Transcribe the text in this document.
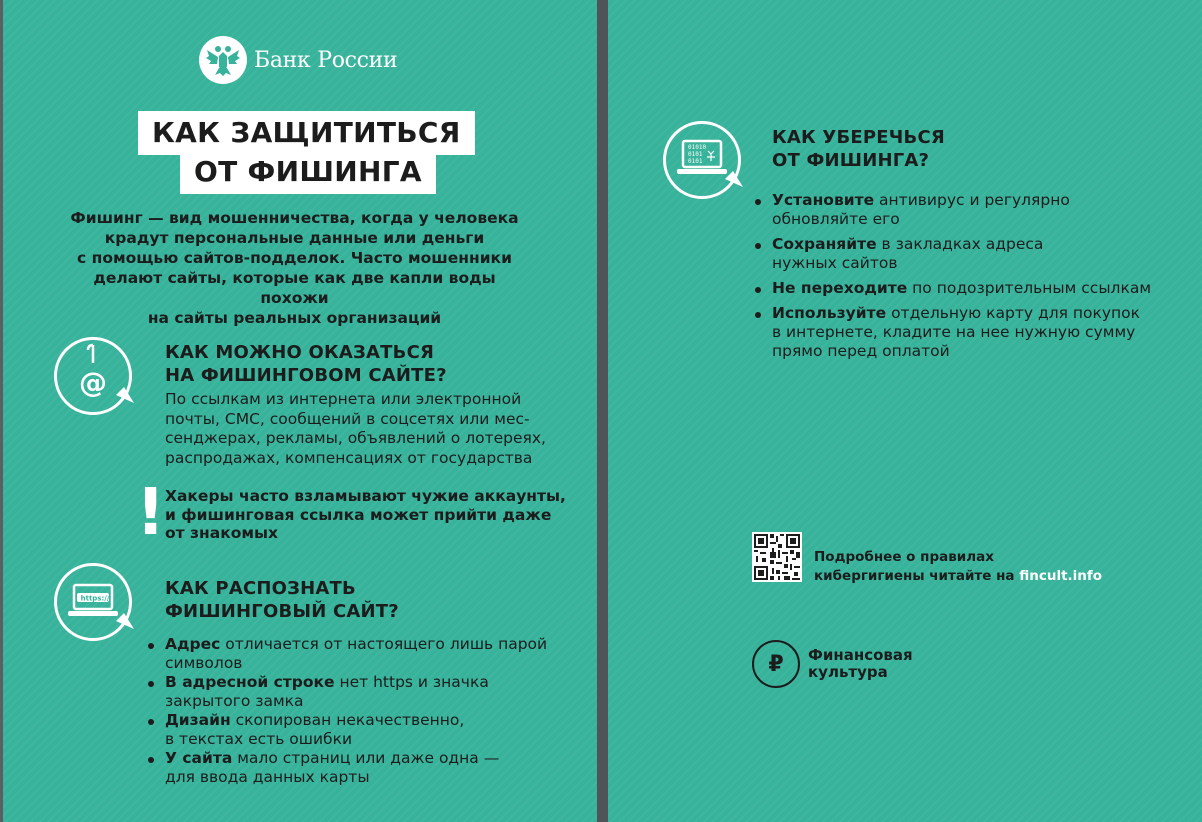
Банк России
КАК ЗАЩИТИТЬСЯ
ОТ ФИШИНГА
Фишинг — вид мошенничества, когда у человека
крадут персональные данные или деньги
с помощью сайтов-подделок. Часто мошенники
делают сайты, которые как две капли воды похожи
на сайты реальных организаций
@
КАК МОЖНО ОКАЗАТЬСЯ
НА ФИШИНГОВОМ САЙТЕ?
По ссылкам из интернета или электронной
почты, СМС, сообщений в соцсетях или мес-
сенджерах, рекламы, объявлений о лотереях,
распродажах, компенсациях от государства
! Хакеры часто взламывают чужие аккаунты,
и фишинговая ссылка может прийти даже
от знакомых
https://	КАК РАСПОЗНАТЬ
ФИШИНГОВЫЙ САЙТ?
Адрес отличается от настоящего лишь парой
символов
В адресной строке нет https и значка
закрытого замка
Дизайн скопирован некачественно,
в текстах есть ошибки
У сайта мало страниц или даже одна —
для ввода данных карты
01010
0101
0101
КАК УБЕРЕЧЬСЯ
ОТ ФИШИНГА?
Установите антивирус и регулярно
обновляйте его
Сохраняйте в закладках адреса
нужных сайтов
Не переходите по подозрительным ссылкам
Используйте отдельную карту для покупок
в интернете, кладите на нее нужную сумму
прямо перед оплатой
Подробнее о правилах
кибергигиены читайте на fincult.info
₽	Финансовая
культура
